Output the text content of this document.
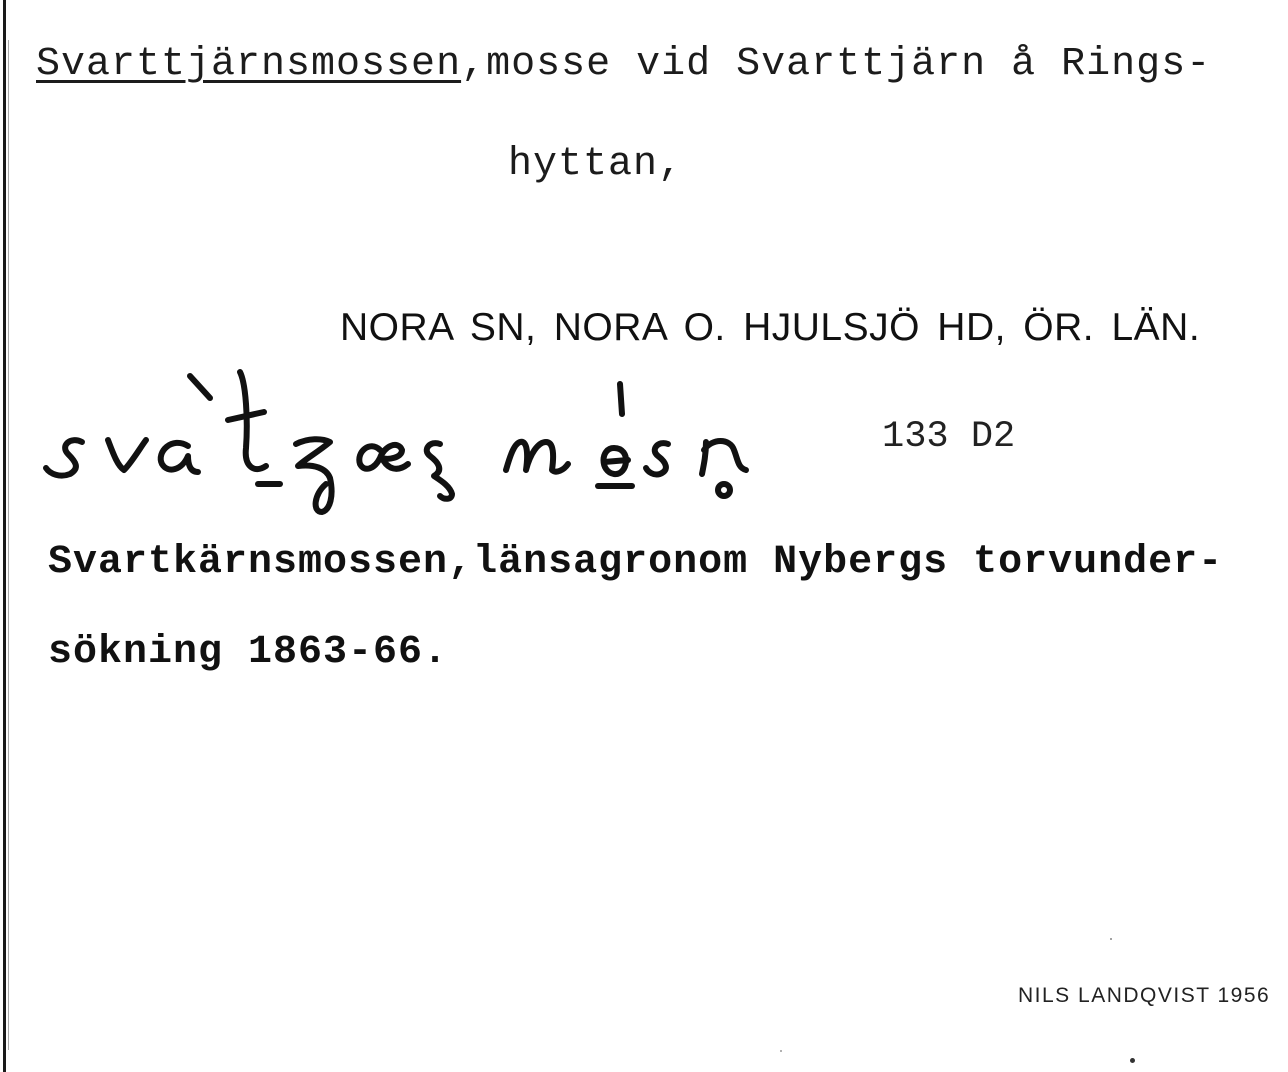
Svarttjärnsmossen,mosse vid Svarttjärn å Rings-
hyttan,
NORA SN, NORA O. HJULSJÖ HD, ÖR. LÄN.
133 D2
Svartkärnsmossen,länsagronom Nybergs torvunder-
sökning 1863-66.
NILS LANDQVIST 1956
